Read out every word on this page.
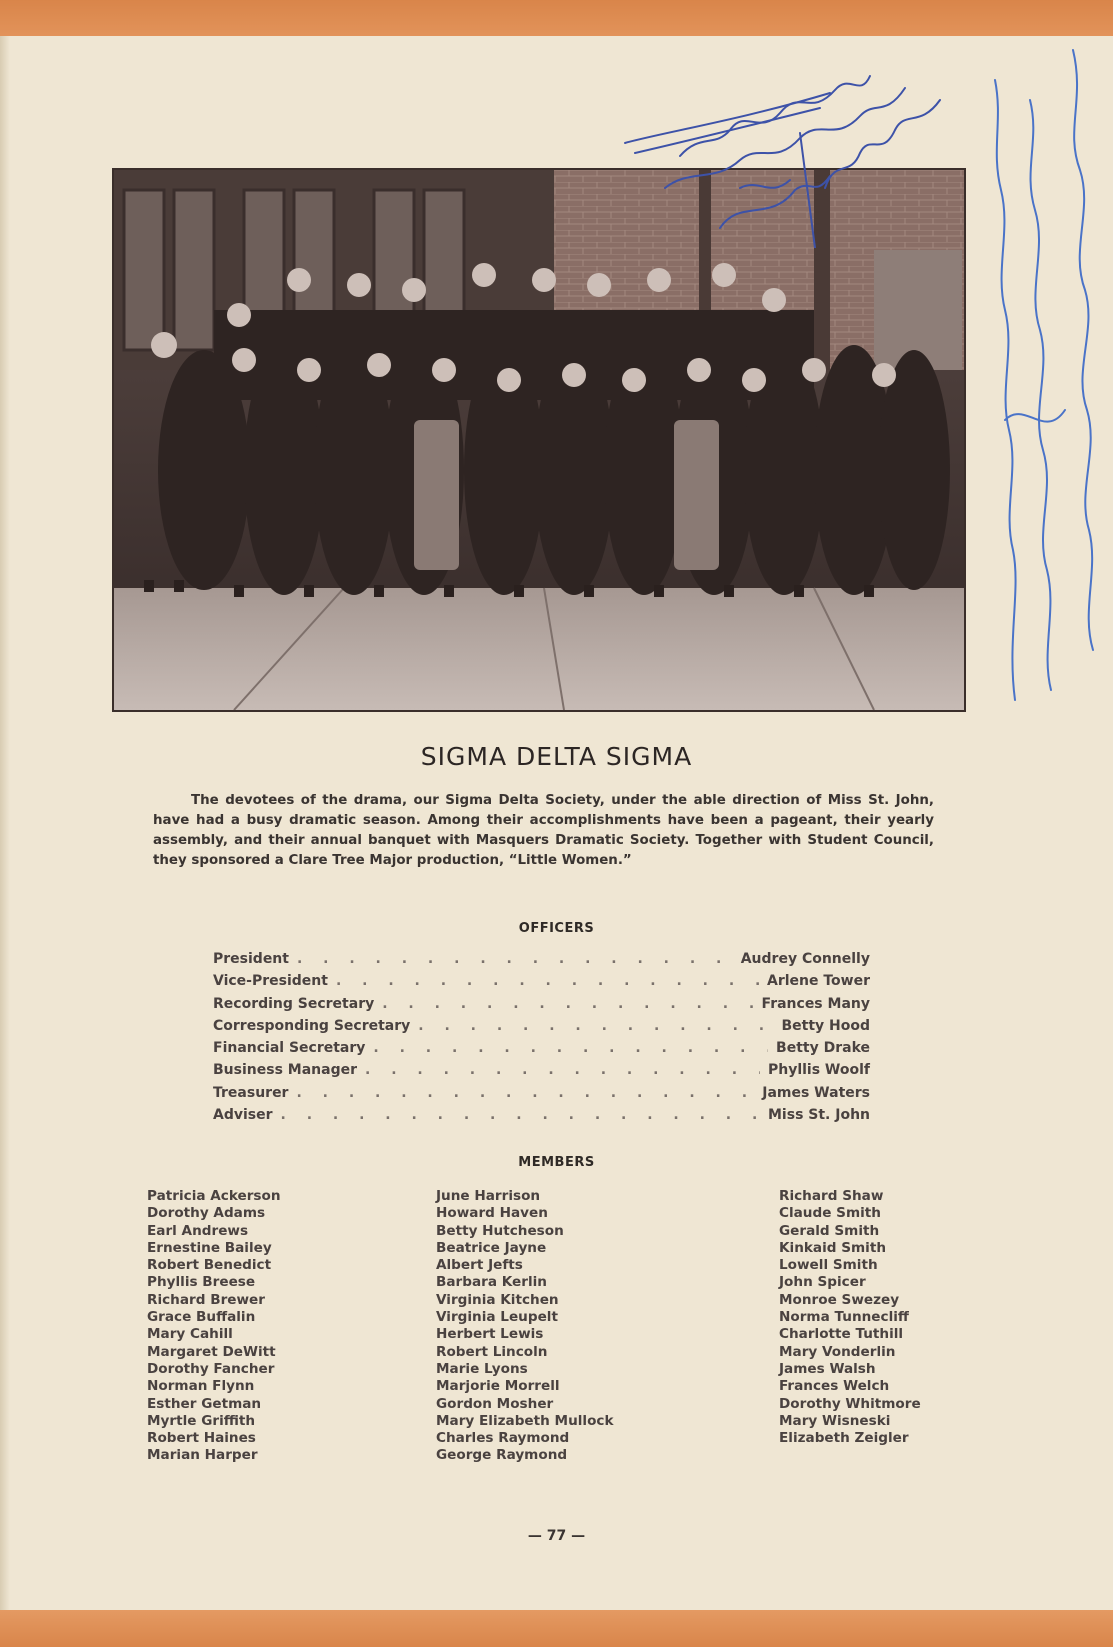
SIGMA DELTA SIGMA
The devotees of the drama, our Sigma Delta Society, under the able direction of Miss St. John, have had a busy dramatic season. Among their accomplishments have been a pageant, their yearly assembly, and their annual banquet with Masquers Dramatic Society. Together with Student Council, they sponsored a Clare Tree Major production, “Little Women.”
OFFICERS
President . . .	Audrey Connelly
Vice-President . . .	Arlene Tower
Recording Secretary . . .	Frances Many
Corresponding Secretary . . .	Betty Hood
Financial Secretary . . .	Betty Drake
Business Manager . . .	Phyllis Woolf
Treasurer . . .	James Waters
Adviser . . .	Miss St. John
MEMBERS
Patricia Ackerson
Dorothy Adams
Earl Andrews
Ernestine Bailey
Robert Benedict
Phyllis Breese
Richard Brewer
Grace Buffalin
Mary Cahill
Margaret DeWitt
Dorothy Fancher
Norman Flynn
Esther Getman
Myrtle Griffith
Robert Haines
Marian Harper
June Harrison
Howard Haven
Betty Hutcheson
Beatrice Jayne
Albert Jefts
Barbara Kerlin
Virginia Kitchen
Virginia Leupelt
Herbert Lewis
Robert Lincoln
Marie Lyons
Marjorie Morrell
Gordon Mosher
Mary Elizabeth Mullock
Charles Raymond
George Raymond
Richard Shaw
Claude Smith
Gerald Smith
Kinkaid Smith
Lowell Smith
John Spicer
Monroe Swezey
Norma Tunnecliff
Charlotte Tuthill
Mary Vonderlin
James Walsh
Frances Welch
Dorothy Whitmore
Mary Wisneski
Elizabeth Zeigler
— 77 —
